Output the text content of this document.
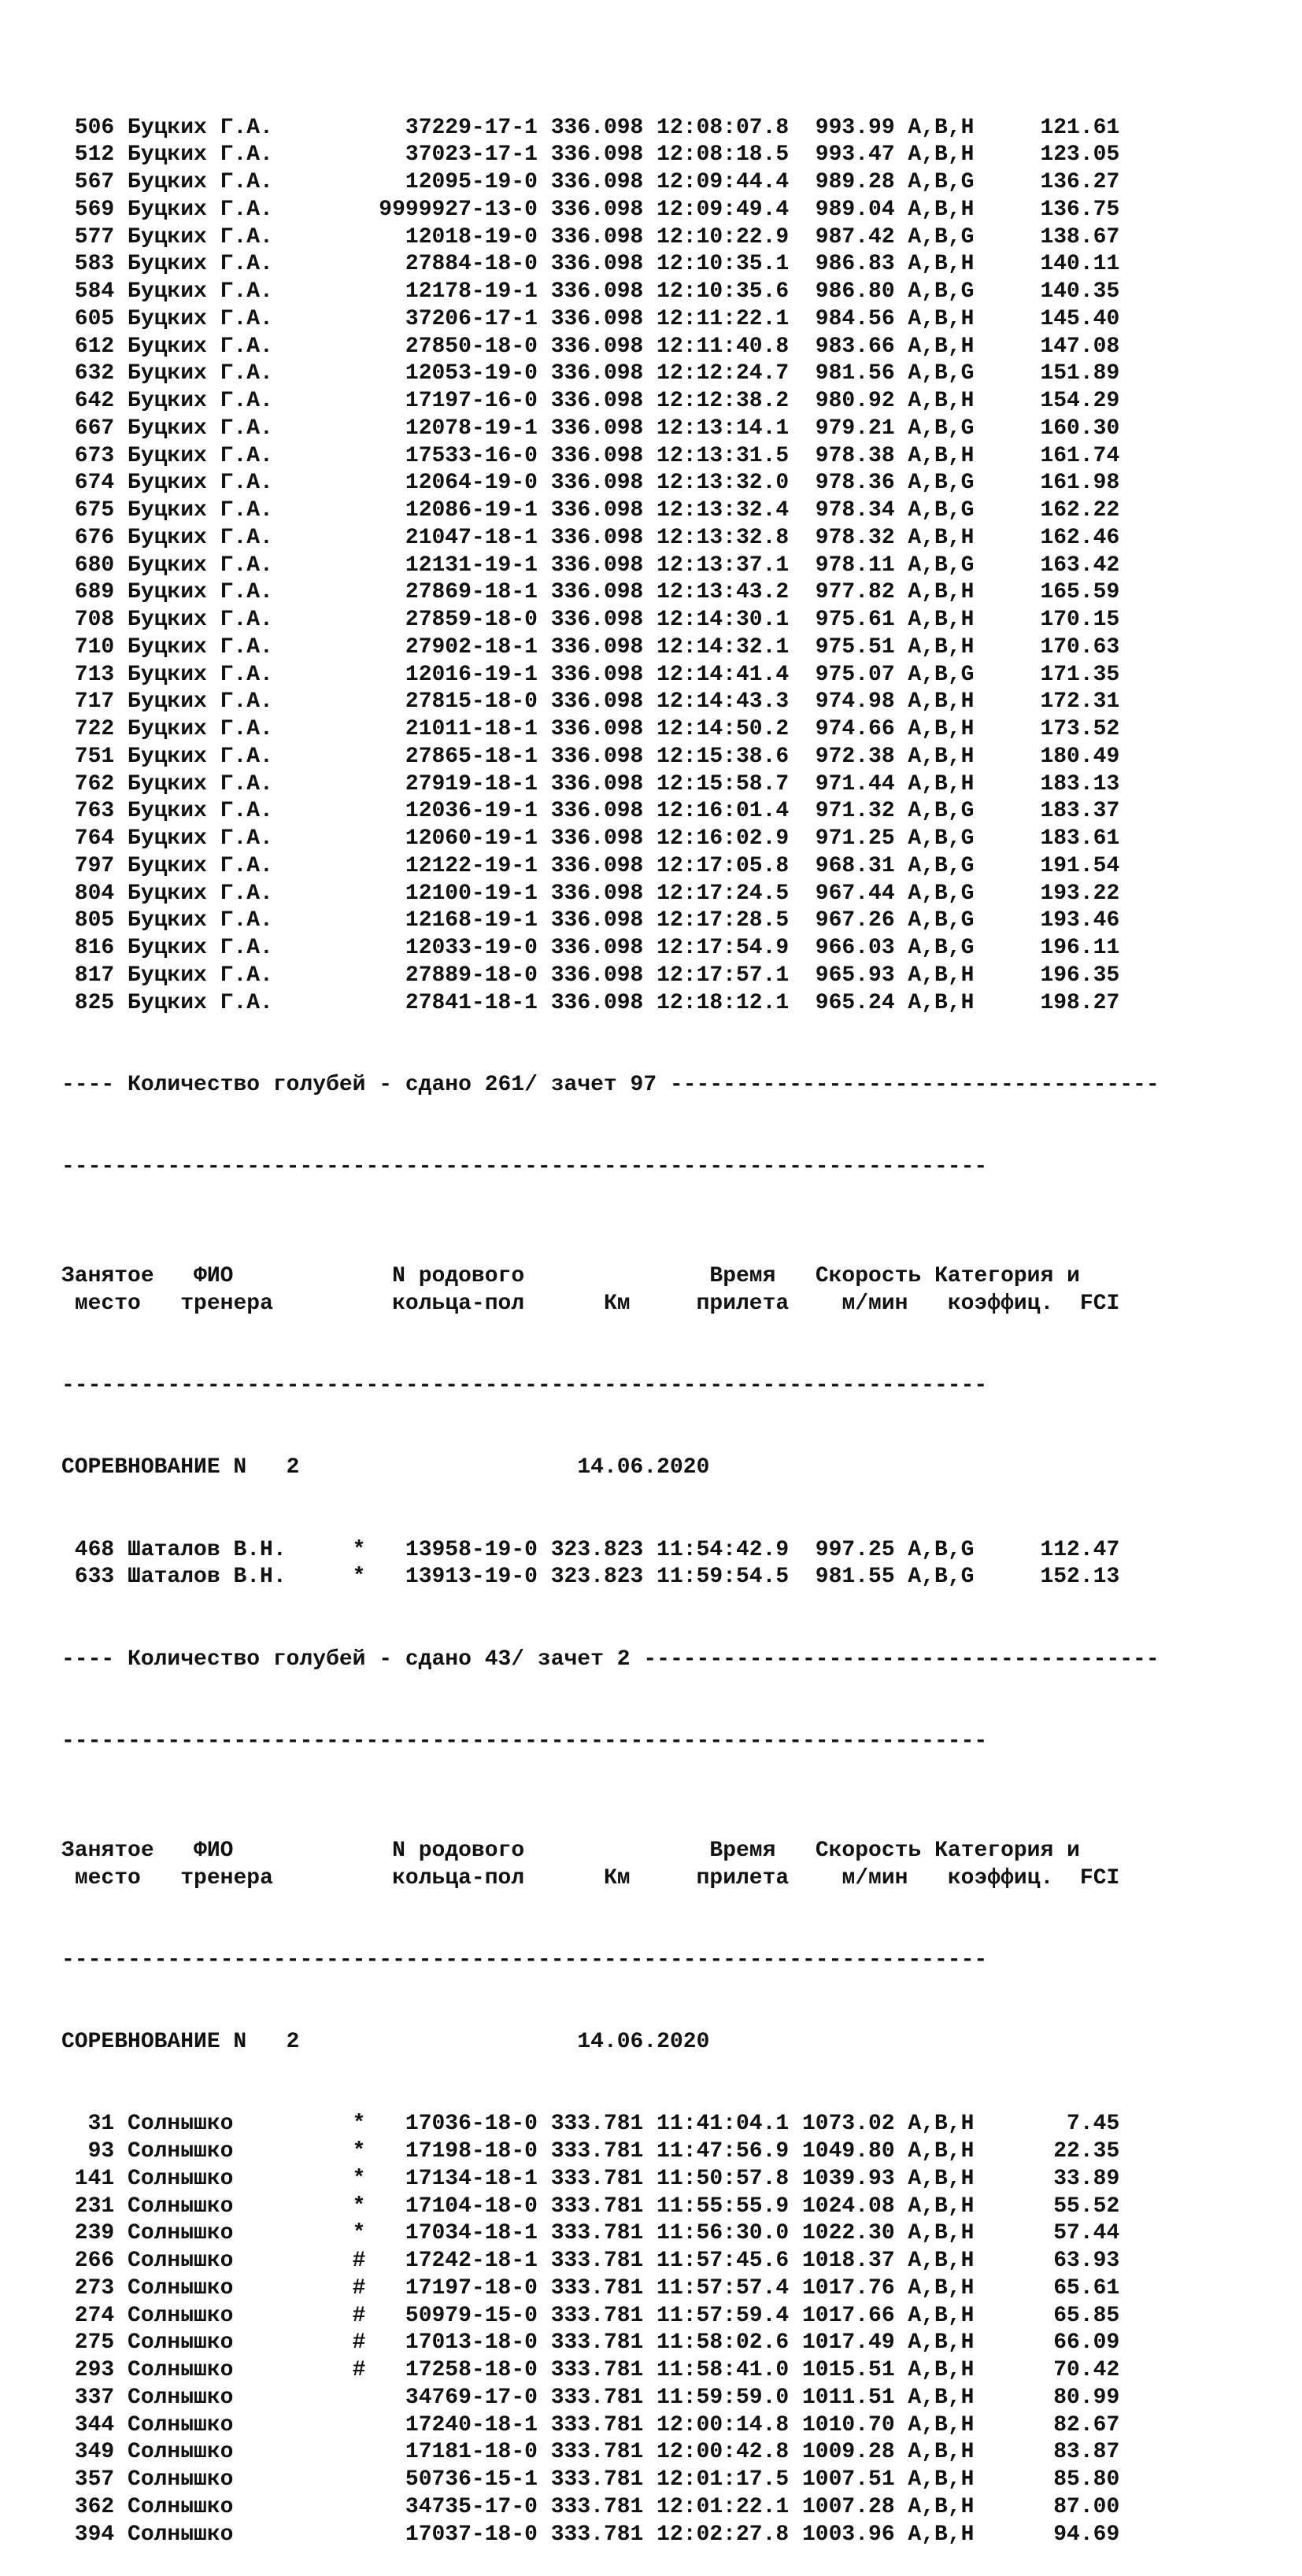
506 Буцких Г.А.          37229-17-1 336.098 12:08:07.8  993.99 A,B,H     121.61
512 Буцких Г.А.          37023-17-1 336.098 12:08:18.5  993.47 A,B,H     123.05
567 Буцких Г.А.          12095-19-0 336.098 12:09:44.4  989.28 A,B,G     136.27
569 Буцких Г.А.        9999927-13-0 336.098 12:09:49.4  989.04 A,B,H     136.75
577 Буцких Г.А.          12018-19-0 336.098 12:10:22.9  987.42 A,B,G     138.67
583 Буцких Г.А.          27884-18-0 336.098 12:10:35.1  986.83 A,B,H     140.11
584 Буцких Г.А.          12178-19-1 336.098 12:10:35.6  986.80 A,B,G     140.35
605 Буцких Г.А.          37206-17-1 336.098 12:11:22.1  984.56 A,B,H     145.40
612 Буцких Г.А.          27850-18-0 336.098 12:11:40.8  983.66 A,B,H     147.08
632 Буцких Г.А.          12053-19-0 336.098 12:12:24.7  981.56 A,B,G     151.89
642 Буцких Г.А.          17197-16-0 336.098 12:12:38.2  980.92 A,B,H     154.29
667 Буцких Г.А.          12078-19-1 336.098 12:13:14.1  979.21 A,B,G     160.30
673 Буцких Г.А.          17533-16-0 336.098 12:13:31.5  978.38 A,B,H     161.74
674 Буцких Г.А.          12064-19-0 336.098 12:13:32.0  978.36 A,B,G     161.98
675 Буцких Г.А.          12086-19-1 336.098 12:13:32.4  978.34 A,B,G     162.22
676 Буцких Г.А.          21047-18-1 336.098 12:13:32.8  978.32 A,B,H     162.46
680 Буцких Г.А.          12131-19-1 336.098 12:13:37.1  978.11 A,B,G     163.42
689 Буцких Г.А.          27869-18-1 336.098 12:13:43.2  977.82 A,B,H     165.59
708 Буцких Г.А.          27859-18-0 336.098 12:14:30.1  975.61 A,B,H     170.15
710 Буцких Г.А.          27902-18-1 336.098 12:14:32.1  975.51 A,B,H     170.63
713 Буцких Г.А.          12016-19-1 336.098 12:14:41.4  975.07 A,B,G     171.35
717 Буцких Г.А.          27815-18-0 336.098 12:14:43.3  974.98 A,B,H     172.31
722 Буцких Г.А.          21011-18-1 336.098 12:14:50.2  974.66 A,B,H     173.52
751 Буцких Г.А.          27865-18-1 336.098 12:15:38.6  972.38 A,B,H     180.49
762 Буцких Г.А.          27919-18-1 336.098 12:15:58.7  971.44 A,B,H     183.13
763 Буцких Г.А.          12036-19-1 336.098 12:16:01.4  971.32 A,B,G     183.37
764 Буцких Г.А.          12060-19-1 336.098 12:16:02.9  971.25 A,B,G     183.61
797 Буцких Г.А.          12122-19-1 336.098 12:17:05.8  968.31 A,B,G     191.54
804 Буцких Г.А.          12100-19-1 336.098 12:17:24.5  967.44 A,B,G     193.22
805 Буцких Г.А.          12168-19-1 336.098 12:17:28.5  967.26 A,B,G     193.46
816 Буцких Г.А.          12033-19-0 336.098 12:17:54.9  966.03 A,B,G     196.11
817 Буцких Г.А.          27889-18-0 336.098 12:17:57.1  965.93 A,B,H     196.35
825 Буцких Г.А.          27841-18-1 336.098 12:18:12.1  965.24 A,B,H     198.27

---- Количество голубей - сдано 261/ зачет 97 -------------------------------------

----------------------------------------------------------------------

Занятое ФИО	N родового	Время Скорость Категория и
место тренера	кольца-пол	Км	прилета м/мин коэффиц. FCI

----------------------------------------------------------------------

СОРЕВНОВАНИЕ N 2	14.06.2020

468 Шаталов В.Н.     *   13958-19-0 323.823 11:54:42.9  997.25 A,B,G     112.47
633 Шаталов В.Н.     *   13913-19-0 323.823 11:59:54.5  981.55 A,B,G     152.13

---- Количество голубей - сдано 43/ зачет 2 ---------------------------------------

----------------------------------------------------------------------

Занятое ФИО	N родового	Время Скорость Категория и
место тренера	кольца-пол	Км	прилета м/мин коэффиц. FCI

----------------------------------------------------------------------

СОРЕВНОВАНИЕ N 2	14.06.2020

31 Солнышко         *   17036-18-0 333.781 11:41:04.1 1073.02 A,B,H       7.45
93 Солнышко         *   17198-18-0 333.781 11:47:56.9 1049.80 A,B,H      22.35
141 Солнышко         *   17134-18-1 333.781 11:50:57.8 1039.93 A,B,H      33.89
231 Солнышко         *   17104-18-0 333.781 11:55:55.9 1024.08 A,B,H      55.52
239 Солнышко         *   17034-18-1 333.781 11:56:30.0 1022.30 A,B,H      57.44
266 Солнышко         #   17242-18-1 333.781 11:57:45.6 1018.37 A,B,H      63.93
273 Солнышко         #   17197-18-0 333.781 11:57:57.4 1017.76 A,B,H      65.61
274 Солнышко         #   50979-15-0 333.781 11:57:59.4 1017.66 A,B,H      65.85
275 Солнышко         #   17013-18-0 333.781 11:58:02.6 1017.49 A,B,H      66.09
293 Солнышко         #   17258-18-0 333.781 11:58:41.0 1015.51 A,B,H      70.42
337 Солнышко             34769-17-0 333.781 11:59:59.0 1011.51 A,B,H      80.99
344 Солнышко             17240-18-1 333.781 12:00:14.8 1010.70 A,B,H      82.67
349 Солнышко             17181-18-0 333.781 12:00:42.8 1009.28 A,B,H      83.87
357 Солнышко             50736-15-1 333.781 12:01:17.5 1007.51 A,B,H      85.80
362 Солнышко             34735-17-0 333.781 12:01:22.1 1007.28 A,B,H      87.00
394 Солнышко             17037-18-0 333.781 12:02:27.8 1003.96 A,B,H      94.69
